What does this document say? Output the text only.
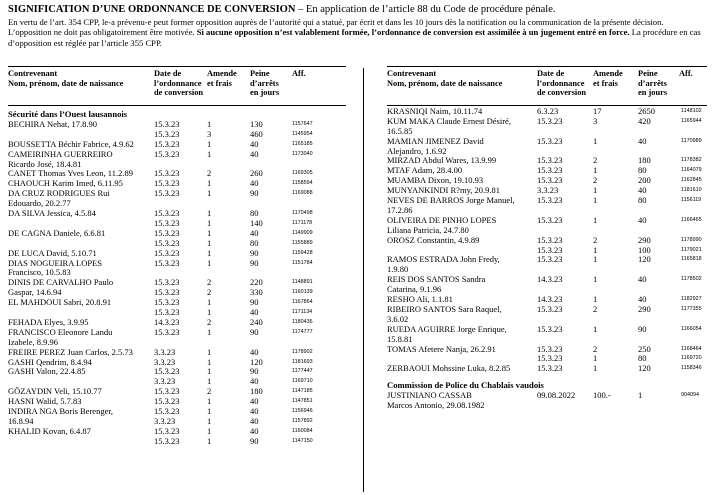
SIGNIFICATION D’UNE ORDONNANCE DE CONVERSION – En application de l’article 88 du Code de procédure pénale.
En vertu de l’art. 354 CPP, le-a prévenu-e peut former opposition auprès de l’autorité qui a statué, par écrit et dans les 10 jours dès la notification ou la communication de la présente décision. L’opposition ne doit pas obligatoirement être motivée. Si aucune opposition n’est valablement formée, l’ordonnance de conversion est assimilée à un jugement entré en force. La procédure en cas d’opposition est réglée par l’article 355 CPP.
Contrevenant
Nom, prénom, date de naissance
Date de
l’ordonnance
de conversion
Amende
et frais
Peine
d’arrêts
en jours
Aff.
Sécurité dans l’Ouest lausannois
BECHIRA Nehat, 17.8.90	15.3.23	1	130	1157647
15.3.23	3	460	1145954
BOUSSETTA Béchir Fabrice, 4.9.62 15.3.23	1	40	1165185
CAMEIRINHA GUERREIRO
Ricardo José, 18.4.81
15.3.23	1	40	1173040
CANET Thomas Yves Leon, 11.2.89 15.3.23	2	260	1169305
CHAOUCH Karim Imed, 6.11.95	15.3.23	1	40	1158594
DA CRUZ RODRIGUES Rui
Edouardo, 20.2.77
15.3.23	1	90	1169088
DA SILVA Jessica, 4.5.84	15.3.23	1	80	1170498
15.3.23	1	140	1171178
DE CAGNA Daniele, 6.6.81	15.3.23	1	40	1149909
15.3.23	1	80	1155889
DE LUCA David, 5.10.71	15.3.23	1	90	1159428
DIAS NOGUEIRA LOPES
Francisco, 10.5.83
15.3.23	1	90	1151784
DINIS DE CARVALHO Paulo
Gaspar, 14.6.94
15.3.23	2	220	1148891
15.3.23	2	330	1160139
EL MAHDOUI Sabri, 20.8.91	15.3.23	1	90	1167864
15.3.23	1	40	1171134
FEHADA Elyes, 3.9.95	14.3.23	2	240	1180436
FRANCISCO Eleonore Landu
Izabele, 8.9.96
15.3.23	1	90	1174777
FREIRE PEREZ Juan Carlos, 2.5.73 3.3.23	1	40	1178902
GASHI Qendrim, 8.4.94	3.3.23	1	120	1181693
GASHI Valon, 22.4.85	15.3.23	1	90	1177447
3.3.23	1	40	1169710
GÖZAYDIN Veli, 15.10.77	15.3.23	2	180	1147185
HASNI Walid, 5.7.83	15.3.23	1	40	1147851
INDIRA NGA Boris Berenger,
16.8.94
15.3.23	1	40	1156946
3.3.23	1	40	1157892
KHALID Kovan, 6.4.87	15.3.23	1	40	1160084
15.3.23	1	90	1147150
Contrevenant
Nom, prénom, date de naissance
Date de
l’ordonnance
de conversion
Amende
et frais
Peine
d’arrêts
en jours
Aff.
KRASNIQI Naim, 10.11.74	6.3.23	17	2650	1148102
KUM MAKA Claude Ernest Désiré,
16.5.85
15.3.23	3	420	1165944
MAMIAN JIMENEZ David
Alejandro, 1.6.92
15.3.23	1	40	1170989
MIRZAD Abdul Wares, 13.9.99	15.3.23	2	180	1178382
MTAF Adam, 28.4.00	15.3.23	1	80	1164079
MUAMBA Dixon, 19.10.93	15.3.23	2	200	1162845
MUNYANKINDI R?my, 20.9.81	3.3.23	1	40	1181610
NEVES DE BARROS Jorge Manuel,
17.2.86
15.3.23	1	80	1156119
OLIVEIRA DE PINHO LOPES
Liliana Patricia, 24.7.80
15.3.23	1	40	1166465
OROSZ Constantin, 4.9.89	15.3.23	2	290	1178990
15.3.23	1	100	1179021
RAMOS ESTRADA John Fredy,
1.9.80
15.3.23	1	120	1165818
REIS DOS SANTOS Sandra
Catarina, 9.1.96
14.3.23	1	40	1178502
RESHO Ali, 1.1.81	14.3.23	1	40	1182927
RIBEIRO SANTOS Sara Raquel,
3.6.02
15.3.23	2	290	1177355
RUEDA AGUIRRE Jorge Enrique,
15.8.81
15.3.23	1	90	1166054
TOMAS Afetere Nanja, 26.2.91	15.3.23	2	250	1168464
15.3.23	1	80	1169720
ZERBAOUI Mohssine Luka, 8.2.85	15.3.23	1	120	1158346
Commission de Police du Chablais vaudois
JUSTINIANO CASSAB
Marcos Antonio, 29.08.1982
09.08.2022 100.-	1	904094
